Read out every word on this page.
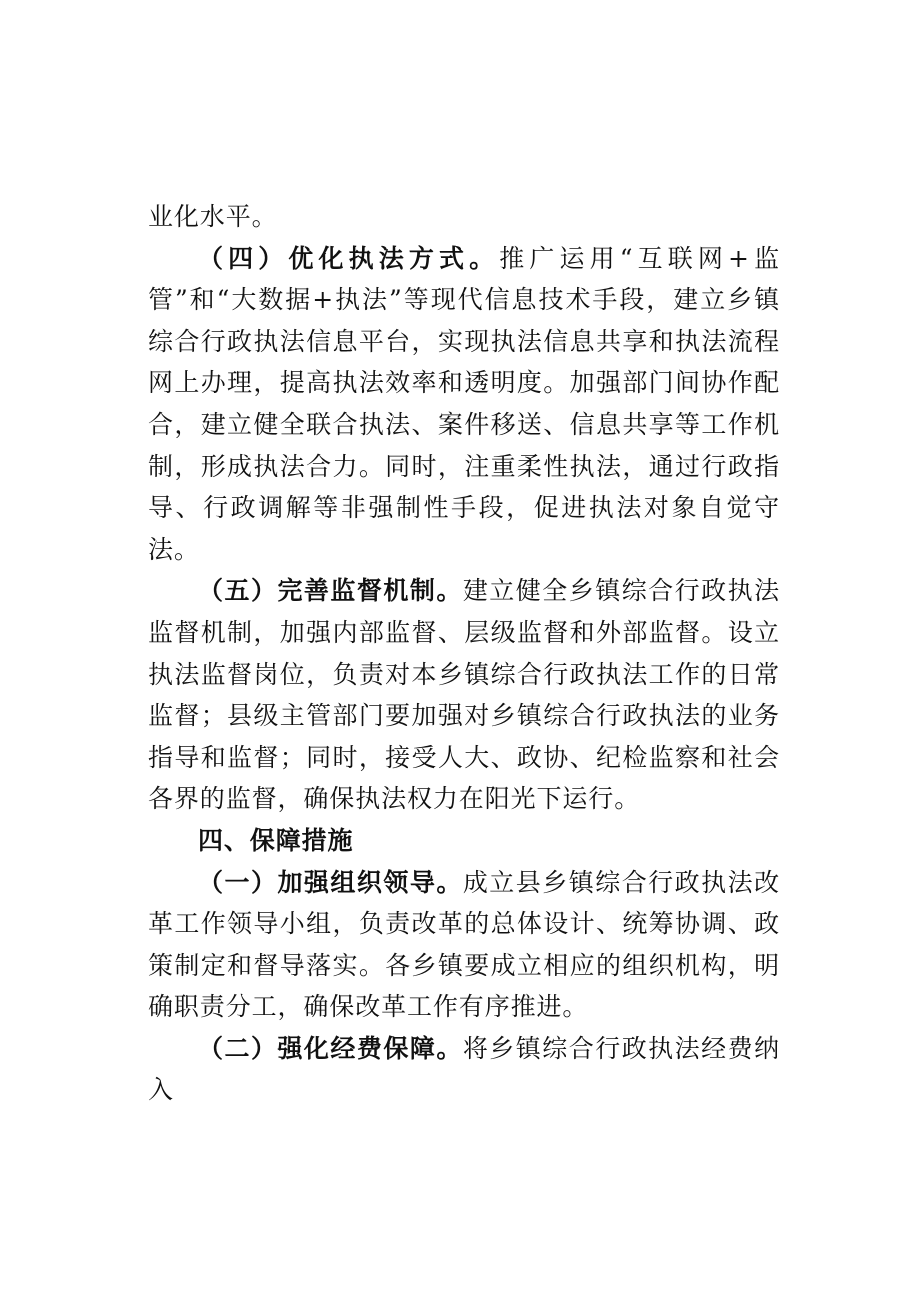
业化水平。

（四）优化执法方式。推广运用“互联网+监管”和“大数据+执法”等现代信息技术手段，建立乡镇综合行政执法信息平台，实现执法信息共享和执法流程网上办理，提高执法效率和透明度。加强部门间协作配合，建立健全联合执法、案件移送、信息共享等工作机制，形成执法合力。同时，注重柔性执法，通过行政指导、行政调解等非强制性手段，促进执法对象自觉守法。

（五）完善监督机制。建立健全乡镇综合行政执法监督机制，加强内部监督、层级监督和外部监督。设立执法监督岗位，负责对本乡镇综合行政执法工作的日常监督；县级主管部门要加强对乡镇综合行政执法的业务指导和监督；同时，接受人大、政协、纪检监察和社会各界的监督，确保执法权力在阳光下运行。

四、保障措施

（一）加强组织领导。成立县乡镇综合行政执法改革工作领导小组，负责改革的总体设计、统筹协调、政策制定和督导落实。各乡镇要成立相应的组织机构，明确职责分工，确保改革工作有序推进。

（二）强化经费保障。将乡镇综合行政执法经费纳入
